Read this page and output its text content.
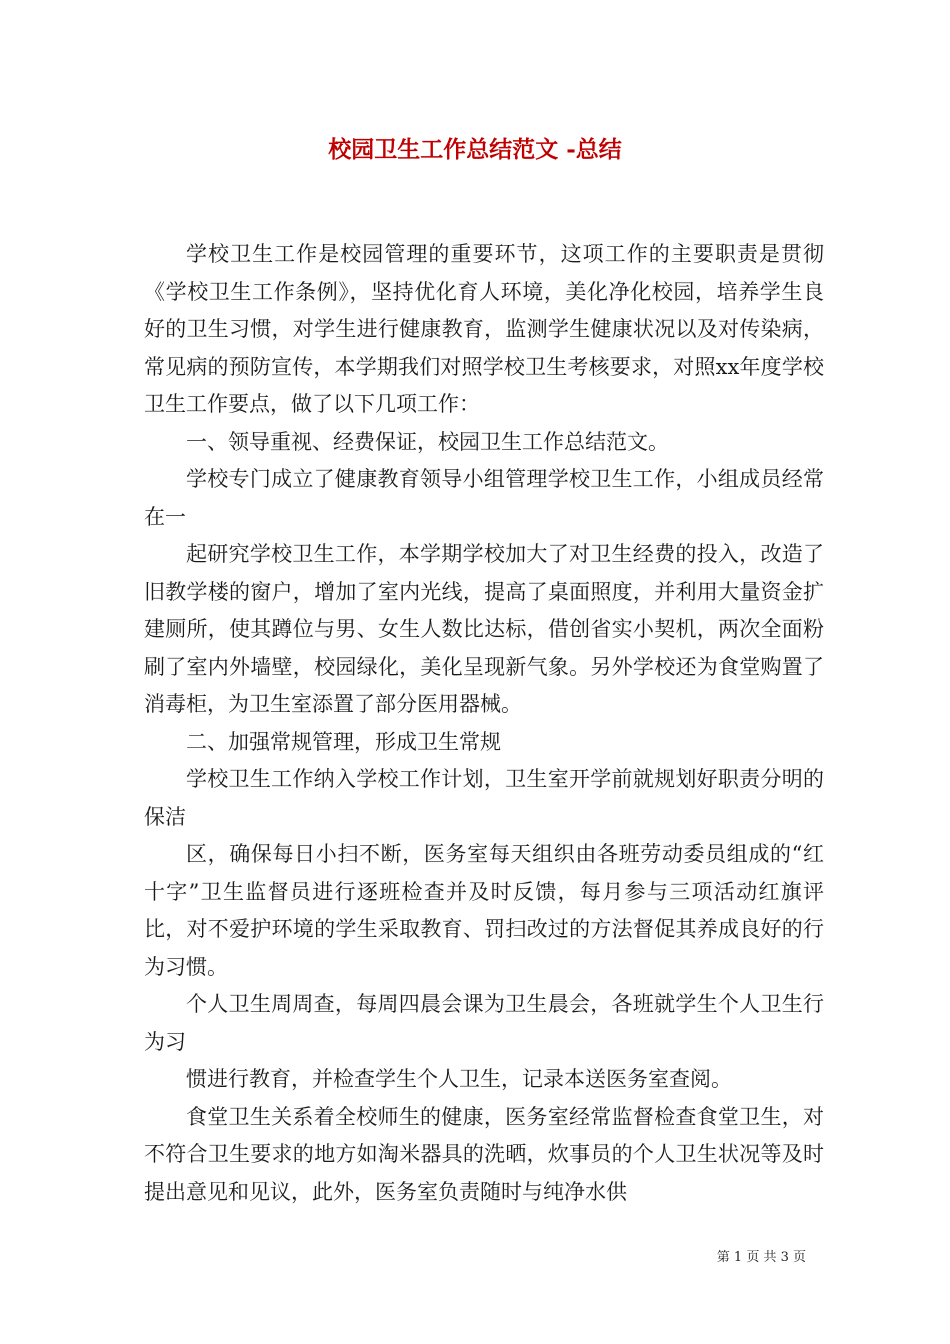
校园卫生工作总结范文 -总结

学校卫生工作是校园管理的重要环节，这项工作的主要职责是贯彻《学校卫生工作条例》，坚持优化育人环境，美化净化校园，培养学生良好的卫生习惯，对学生进行健康教育，监测学生健康状况以及对传染病，常见病的预防宣传，本学期我们对照学校卫生考核要求，对照xx年度学校卫生工作要点，做了以下几项工作：

一、领导重视、经费保证，校园卫生工作总结范文。

学校专门成立了健康教育领导小组管理学校卫生工作，小组成员经常在一

起研究学校卫生工作，本学期学校加大了对卫生经费的投入，改造了旧教学楼的窗户，增加了室内光线，提高了桌面照度，并利用大量资金扩建厕所，使其蹲位与男、女生人数比达标，借创省实小契机，两次全面粉刷了室内外墙壁，校园绿化，美化呈现新气象。另外学校还为食堂购置了消毒柜，为卫生室添置了部分医用器械。

二、加强常规管理，形成卫生常规

学校卫生工作纳入学校工作计划，卫生室开学前就规划好职责分明的保洁

区，确保每日小扫不断，医务室每天组织由各班劳动委员组成的“红十字”卫生监督员进行逐班检查并及时反馈，每月参与三项活动红旗评比，对不爱护环境的学生采取教育、罚扫改过的方法督促其养成良好的行为习惯。

个人卫生周周查，每周四晨会课为卫生晨会，各班就学生个人卫生行为习

惯进行教育，并检查学生个人卫生，记录本送医务室查阅。

食堂卫生关系着全校师生的健康，医务室经常监督检查食堂卫生，对不符合卫生要求的地方如淘米器具的洗晒，炊事员的个人卫生状况等及时提出意见和见议，此外，医务室负责随时与纯净水供

第 1 页 共 3 页
